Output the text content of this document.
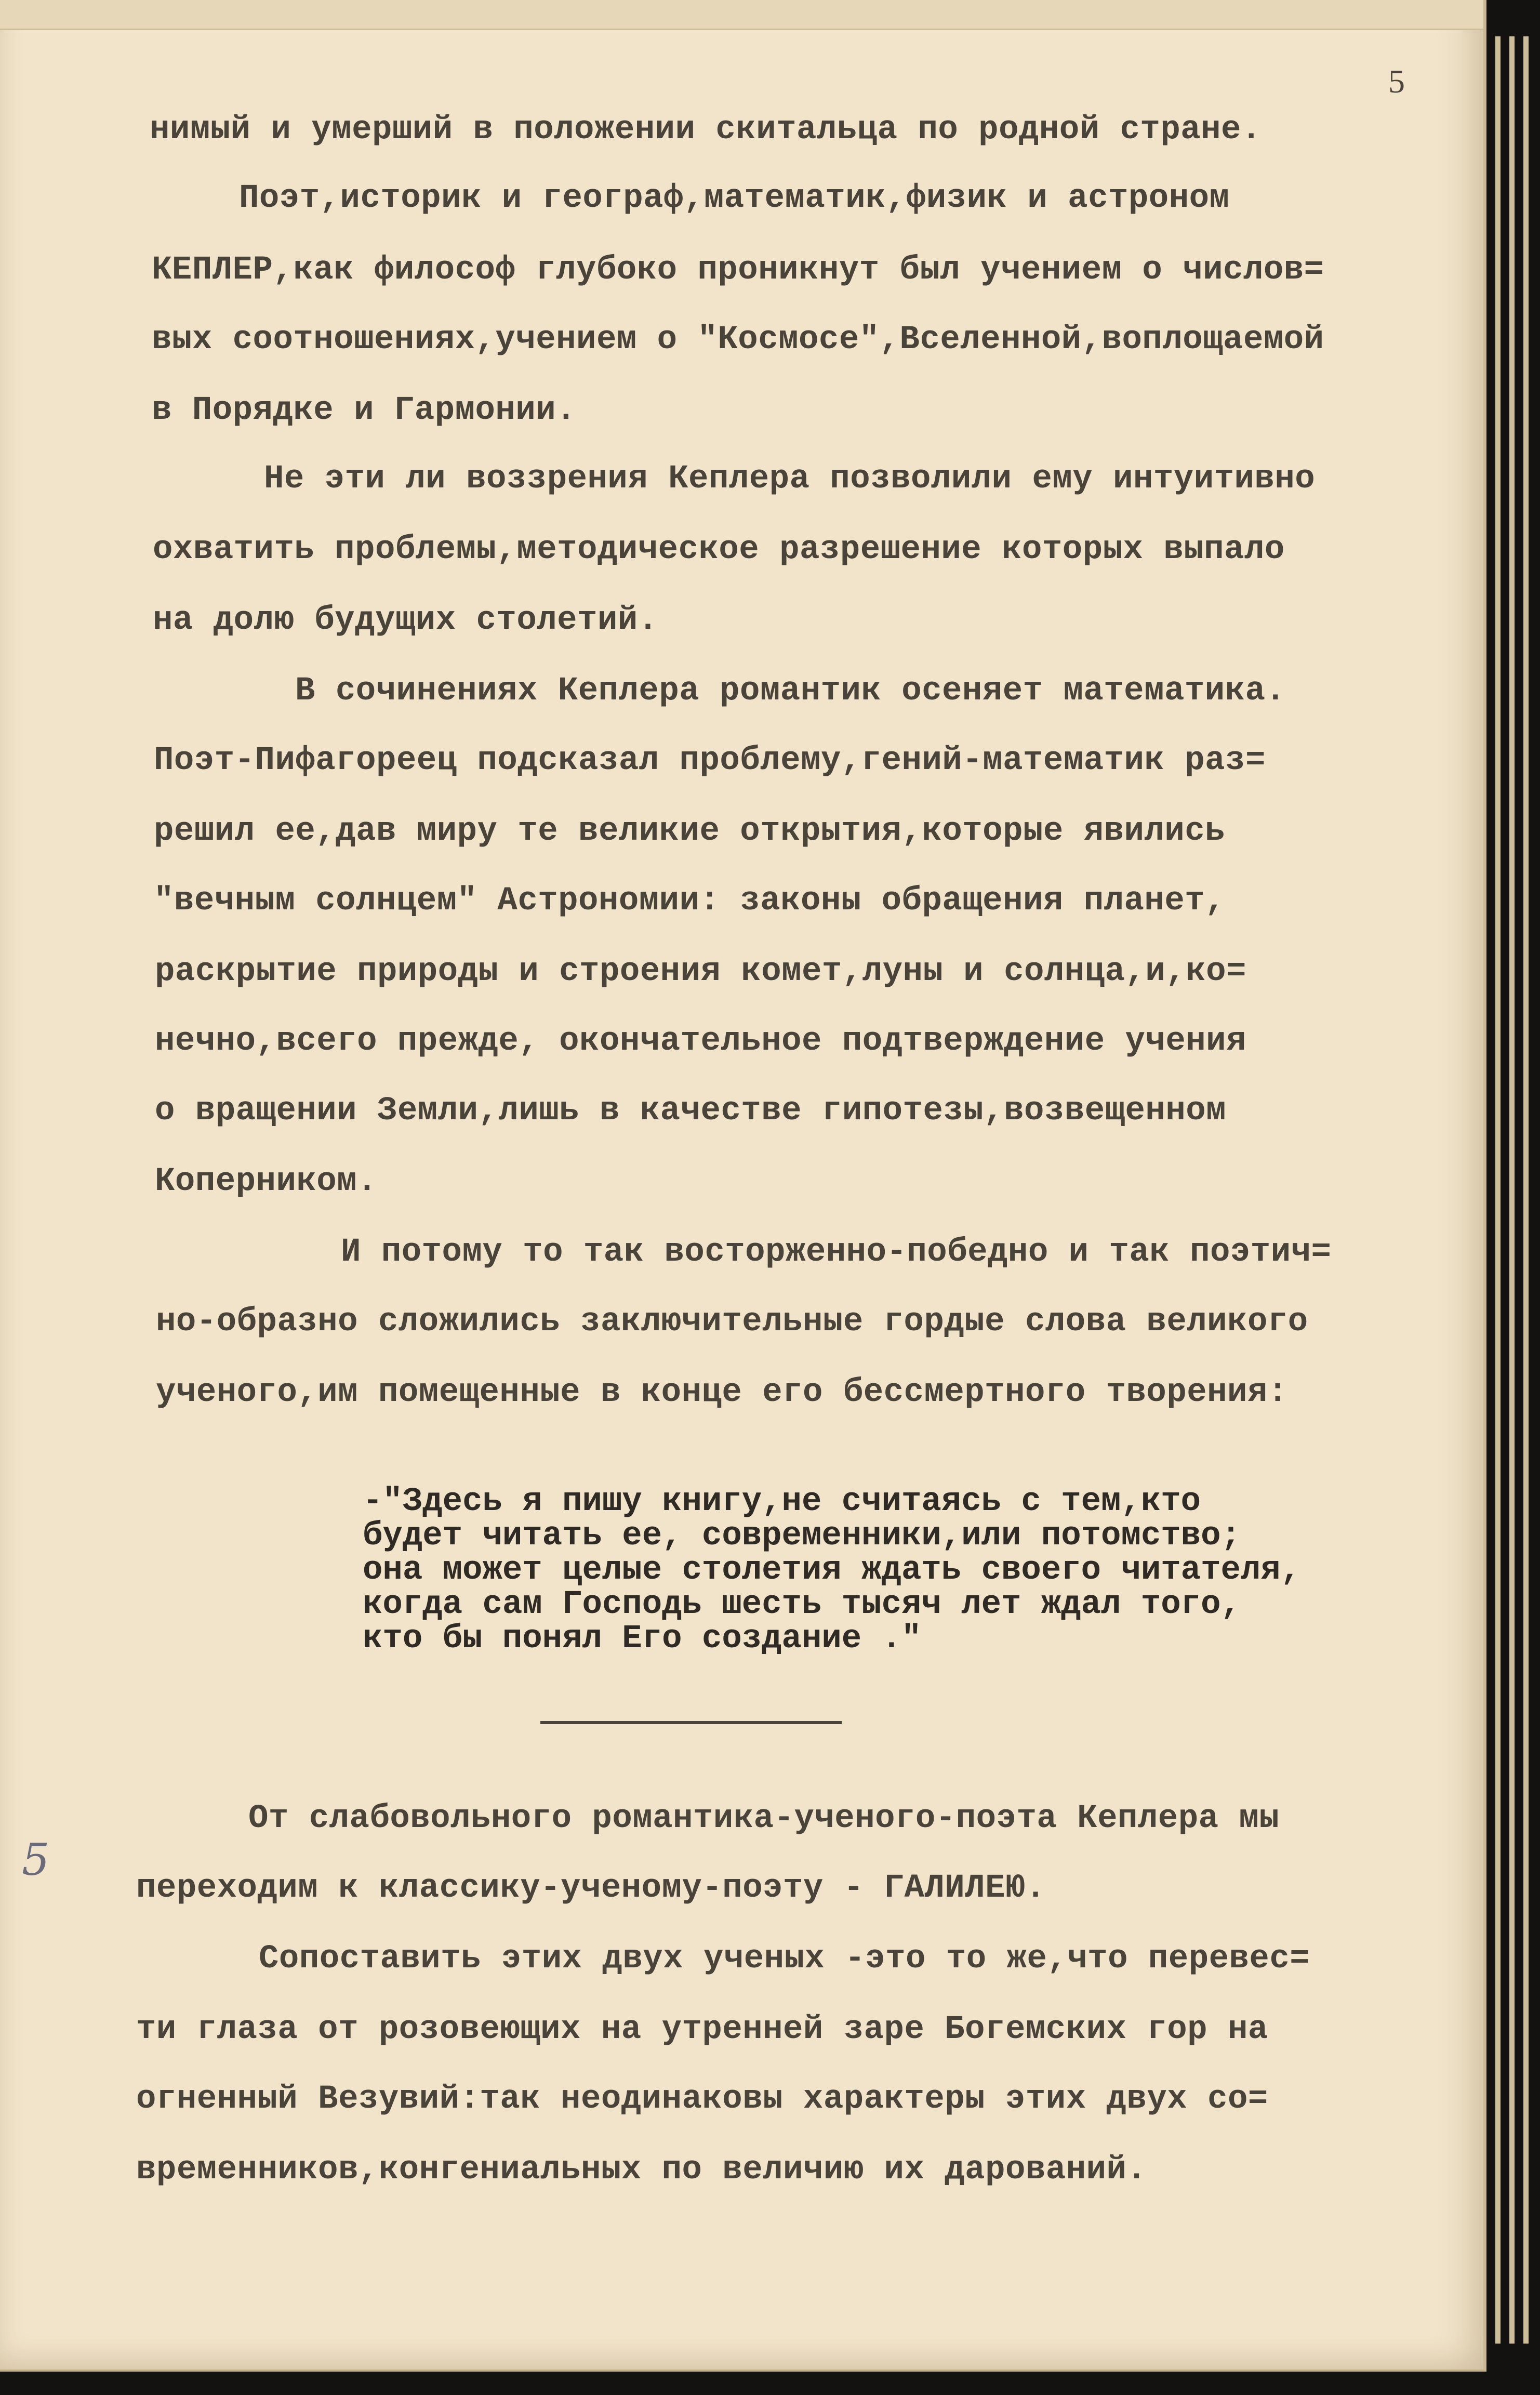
5

нимый и умерший в положении скитальца по родной стране.

Поэт,историк и географ,математик,физик и астроном

КЕПЛЕР,как философ глубоко проникнут был учением о числов=

вых соотношениях,учением о "Космосе",Вселенной,воплощаемой

в Порядке и Гармонии.

Не эти ли воззрения Кеплера позволили ему интуитивно

охватить проблемы,методическое разрешение которых выпало

на долю будущих столетий.

В сочинениях Кеплера романтик осеняет математика.

Поэт-Пифагореец подсказал проблему,гений-математик раз=

решил ее,дав миру те великие открытия,которые явились

"вечным солнцем" Астрономии: законы обращения планет,

раскрытие природы и строения комет,луны и солнца,и,ко=

нечно,всего прежде, окончательное подтверждение учения

о вращении Земли,лишь в качестве гипотезы,возвещенном

Коперником.

И потому то так восторженно-победно и так поэтич=

но-образно сложились заключительные гордые слова великого

ученого,им помещенные в конце его бессмертного творения:

-"Здесь я пишу книгу,не считаясь с тем,кто

будет читать ее, современники,или потомство;

она может целые столетия ждать своего читателя,

когда сам Господь шесть тысяч лет ждал того,

кто бы понял Его создание ."

5

От слабовольного романтика-ученого-поэта Кеплера мы

переходим к классику-ученому-поэту - ГАЛИЛЕЮ.

Сопоставить этих двух ученых -это то же,что перевес=

ти глаза от розовеющих на утренней заре Богемских гор на

огненный Везувий:так неодинаковы характеры этих двух со=

временников,конгениальных по величию их дарований.
